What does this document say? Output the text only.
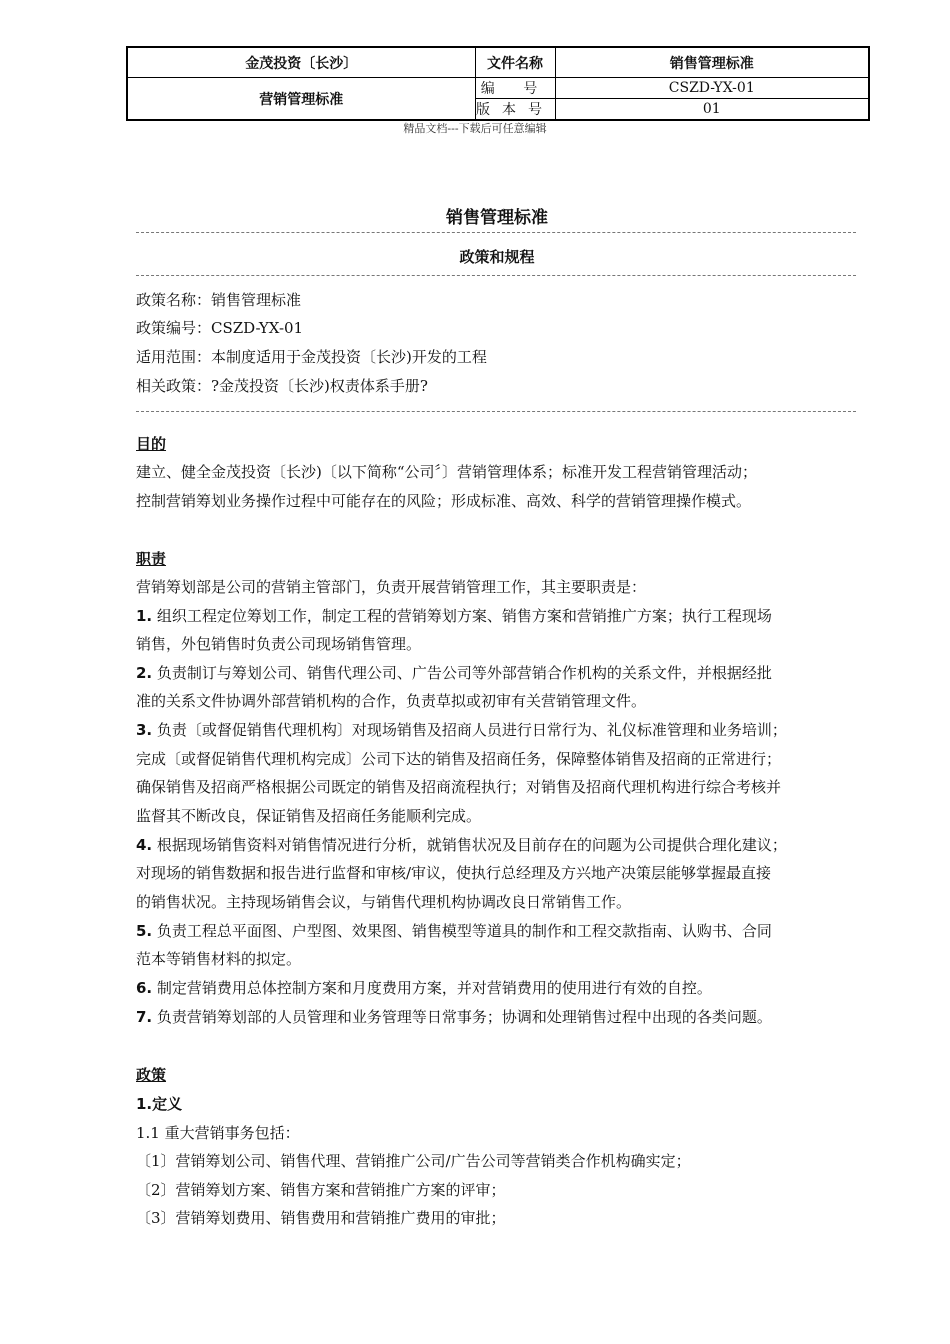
金茂投资〔长沙〕	文件名称	销售管理标准
营销管理标准	编 号	CSZD-YX-01
	版本号	01
精品文档---下载后可任意编辑
销售管理标准
政策和规程
政策名称：销售管理标准
政策编号：CSZD-YX-01
适用范围：本制度适用于金茂投资〔长沙)开发的工程
相关政策：?金茂投资〔长沙)权责体系手册?
目的
建立、健全金茂投资〔长沙)〔以下简称“公司〞〕营销管理体系；标准开发工程营销管理活动；
控制营销筹划业务操作过程中可能存在的风险；形成标准、高效、科学的营销管理操作模式。
职责
营销筹划部是公司的营销主管部门，负责开展营销管理工作，其主要职责是：
1. 组织工程定位筹划工作，制定工程的营销筹划方案、销售方案和营销推广方案；执行工程现场
销售，外包销售时负责公司现场销售管理。
2. 负责制订与筹划公司、销售代理公司、广告公司等外部营销合作机构的关系文件，并根据经批
准的关系文件协调外部营销机构的合作，负责草拟或初审有关营销管理文件。
3. 负责〔或督促销售代理机构〕对现场销售及招商人员进行日常行为、礼仪标准管理和业务培训；
完成〔或督促销售代理机构完成〕公司下达的销售及招商任务，保障整体销售及招商的正常进行；
确保销售及招商严格根据公司既定的销售及招商流程执行；对销售及招商代理机构进行综合考核并
监督其不断改良，保证销售及招商任务能顺利完成。
4. 根据现场销售资料对销售情况进行分析，就销售状况及目前存在的问题为公司提供合理化建议；
对现场的销售数据和报告进行监督和审核/审议，使执行总经理及方兴地产决策层能够掌握最直接
的销售状况。主持现场销售会议，与销售代理机构协调改良日常销售工作。
5. 负责工程总平面图、户型图、效果图、销售模型等道具的制作和工程交款指南、认购书、合同
范本等销售材料的拟定。
6. 制定营销费用总体控制方案和月度费用方案，并对营销费用的使用进行有效的自控。
7. 负责营销筹划部的人员管理和业务管理等日常事务；协调和处理销售过程中出现的各类问题。
政策
1.定义
1.1 重大营销事务包括：
〔1〕营销筹划公司、销售代理、营销推广公司/广告公司等营销类合作机构确实定；
〔2〕营销筹划方案、销售方案和营销推广方案的评审；
〔3〕营销筹划费用、销售费用和营销推广费用的审批；
